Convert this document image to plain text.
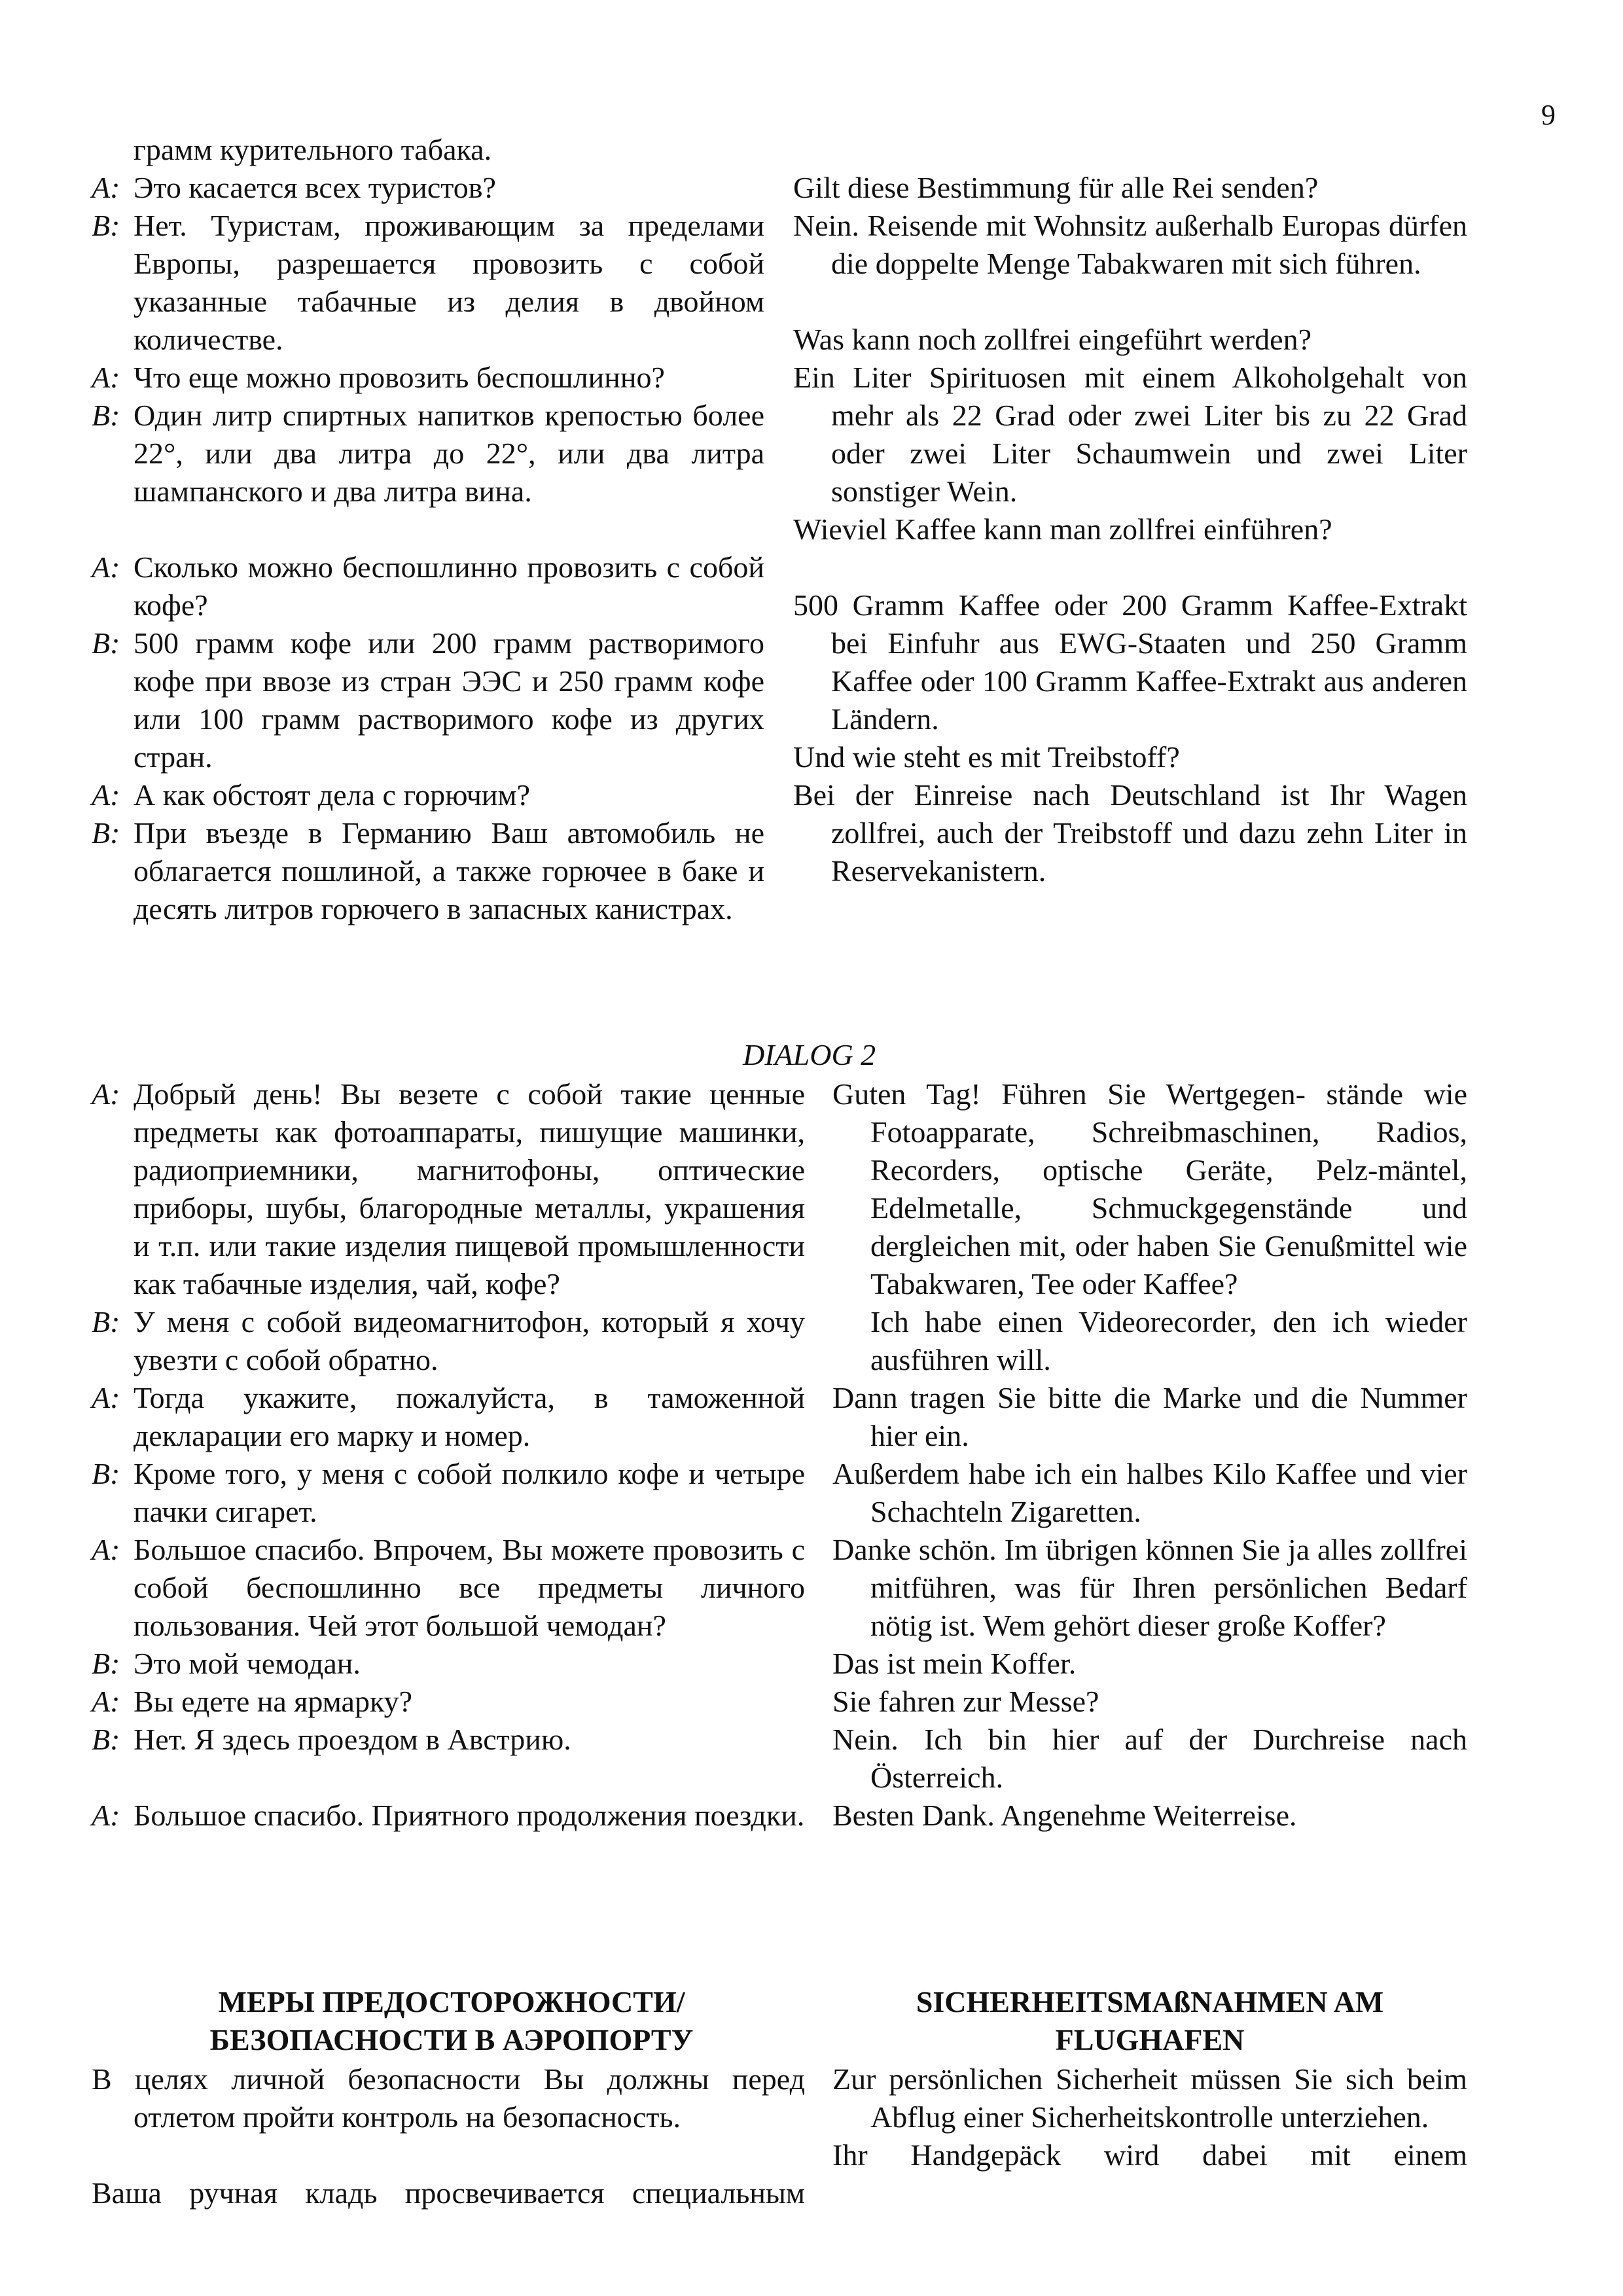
9
грамм курительного табака.
A: Это касается всех туристов?
B: Нет. Туристам, проживающим за пределами Европы, разрешается провозить с собой указанные табачные из делия в двойном количестве.
A: Что еще можно провозить беспошлинно?
B: Один литр спиртных напитков крепостью более 22°, или два литра до 22°, или два литра шампанского и два литра вина.
A: Сколько можно беспошлинно провозить с собой кофе?
B: 500 грамм кофе или 200 грамм растворимого кофе при ввозе из стран ЭЭС и 250 грамм кофе или 100 грамм растворимого кофе из других стран.
A: А как обстоят дела с горючим?
B: При въезде в Германию Ваш автомобиль не облагается пошлиной, а также горючее в баке и десять литров горючего в запасных канистрах.
Gilt diese Bestimmung für alle Rei senden?
Nein. Reisende mit Wohnsitz außerhalb Europas dürfen die doppelte Menge Tabakwaren mit sich führen.
Was kann noch zollfrei eingeführt werden?
Ein Liter Spirituosen mit einem Alkoholgehalt von mehr als 22 Grad oder zwei Liter bis zu 22 Grad oder zwei Liter Schaumwein und zwei Liter sonstiger Wein.
Wieviel Kaffee kann man zollfrei einführen?
500 Gramm Kaffee oder 200 Gramm Kaffee-Extrakt bei Einfuhr aus EWG-Staaten und 250 Gramm Kaffee oder 100 Gramm Kaffee-Extrakt aus anderen Ländern.
Und wie steht es mit Treibstoff?
Bei der Einreise nach Deutschland ist Ihr Wagen zollfrei, auch der Treibstoff und dazu zehn Liter in Reservekanistern.
DIALOG 2
A: Добрый день! Вы везете с собой такие ценные предметы как фотоаппараты, пишущие машинки, радиоприемники, магнитофоны, оптические приборы, шубы, благородные металлы, украшения и т.п. или такие изделия пищевой промышленности как табачные изделия, чай, кофе?
B: У меня с собой видеомагнитофон, который я хочу увезти с собой обратно.
A: Тогда укажите, пожалуйста, в таможенной декларации его марку и номер.
B: Кроме того, у меня с собой полкило кофе и четыре пачки сигарет.
A: Большое спасибо. Впрочем, Вы можете провозить с собой беспошлинно все предметы личного пользования. Чей этот большой чемодан?
B: Это мой чемодан.
A: Вы едете на ярмарку?
B: Нет. Я здесь проездом в Австрию.
A: Большое спасибо. Приятного продолжения поездки.
Guten Tag! Führen Sie Wertgegen- stände wie Fotoapparate, Schreibmaschinen, Radios, Recorders, optische Geräte, Pelz-mäntel, Edelmetalle, Schmuckgegenstände und dergleichen mit, oder haben Sie Genußmittel wie Tabakwaren, Tee oder Kaffee?
Ich habe einen Videorecorder, den ich wieder ausführen will.
Dann tragen Sie bitte die Marke und die Nummer hier ein.
Außerdem habe ich ein halbes Kilo Kaffee und vier Schachteln Zigaretten.
Danke schön. Im übrigen können Sie ja alles zollfrei mitführen, was für Ihren persönlichen Bedarf nötig ist. Wem gehört dieser große Koffer?
Das ist mein Koffer.
Sie fahren zur Messe?
Nein. Ich bin hier auf der Durchreise nach Österreich.
Besten Dank. Angenehme Weiterreise.
МЕРЫ ПРЕДОСТОРОЖНОСТИ/
БЕЗОПАСНОСТИ В АЭРОПОРТУ
SICHERHEITSMAßNAHMEN AM
FLUGHAFEN
В целях личной безопасности Вы должны перед отлетом пройти контроль на безопасность.
Ваша ручная кладь просвечивается специальным
Zur persönlichen Sicherheit müssen Sie sich beim Abflug einer Sicherheitskontrolle unterziehen.
Ihr Handgepäck wird dabei mit einem
